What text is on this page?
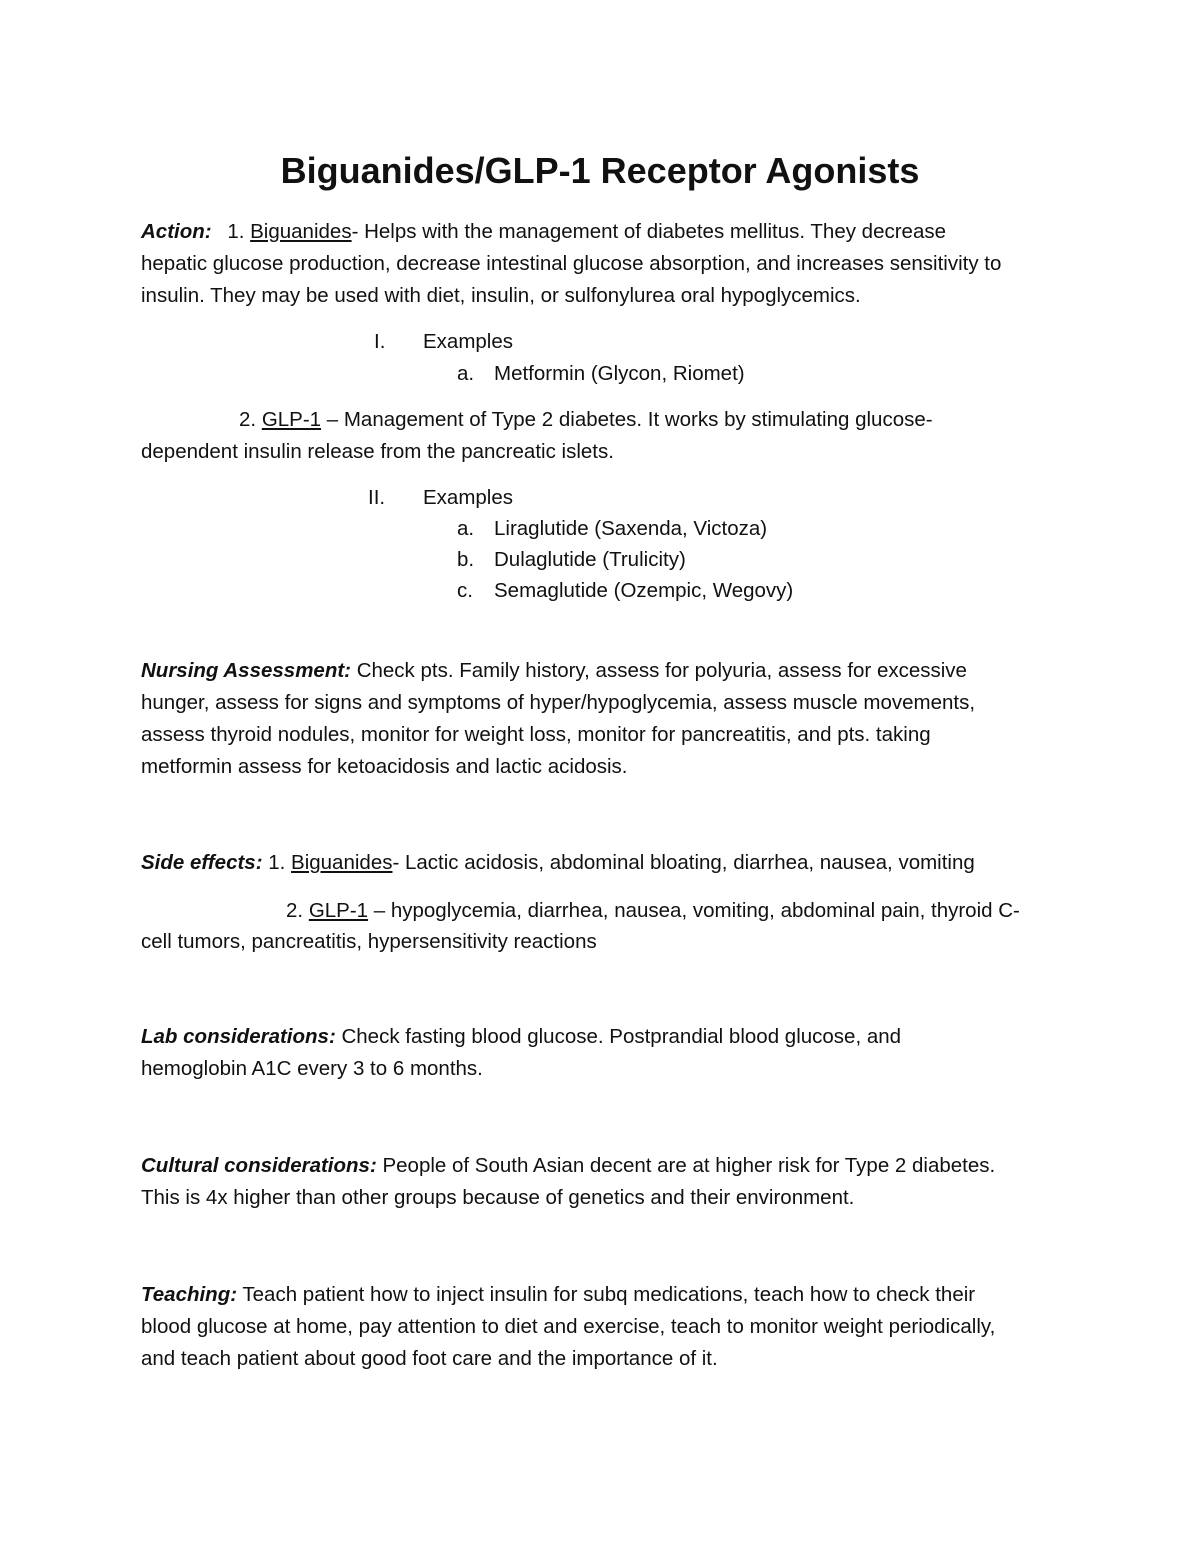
Biguanides/GLP-1 Receptor Agonists
Action: 1. Biguanides- Helps with the management of diabetes mellitus. They decrease
hepatic glucose production, decrease intestinal glucose absorption, and increases sensitivity to
insulin. They may be used with diet, insulin, or sulfonylurea oral hypoglycemics.
I. Examples
a. Metformin (Glycon, Riomet)
2. GLP-1 – Management of Type 2 diabetes. It works by stimulating glucose-
dependent insulin release from the pancreatic islets.
II. Examples
a. Liraglutide (Saxenda, Victoza)
b. Dulaglutide (Trulicity)
c. Semaglutide (Ozempic, Wegovy)
Nursing Assessment: Check pts. Family history, assess for polyuria, assess for excessive
hunger, assess for signs and symptoms of hyper/hypoglycemia, assess muscle movements,
assess thyroid nodules, monitor for weight loss, monitor for pancreatitis, and pts. taking
metformin assess for ketoacidosis and lactic acidosis.
Side effects: 1. Biguanides- Lactic acidosis, abdominal bloating, diarrhea, nausea, vomiting
2. GLP-1 – hypoglycemia, diarrhea, nausea, vomiting, abdominal pain, thyroid C-
cell tumors, pancreatitis, hypersensitivity reactions
Lab considerations: Check fasting blood glucose. Postprandial blood glucose, and
hemoglobin A1C every 3 to 6 months.
Cultural considerations: People of South Asian decent are at higher risk for Type 2 diabetes.
This is 4x higher than other groups because of genetics and their environment.
Teaching: Teach patient how to inject insulin for subq medications, teach how to check their
blood glucose at home, pay attention to diet and exercise, teach to monitor weight periodically,
and teach patient about good foot care and the importance of it.
